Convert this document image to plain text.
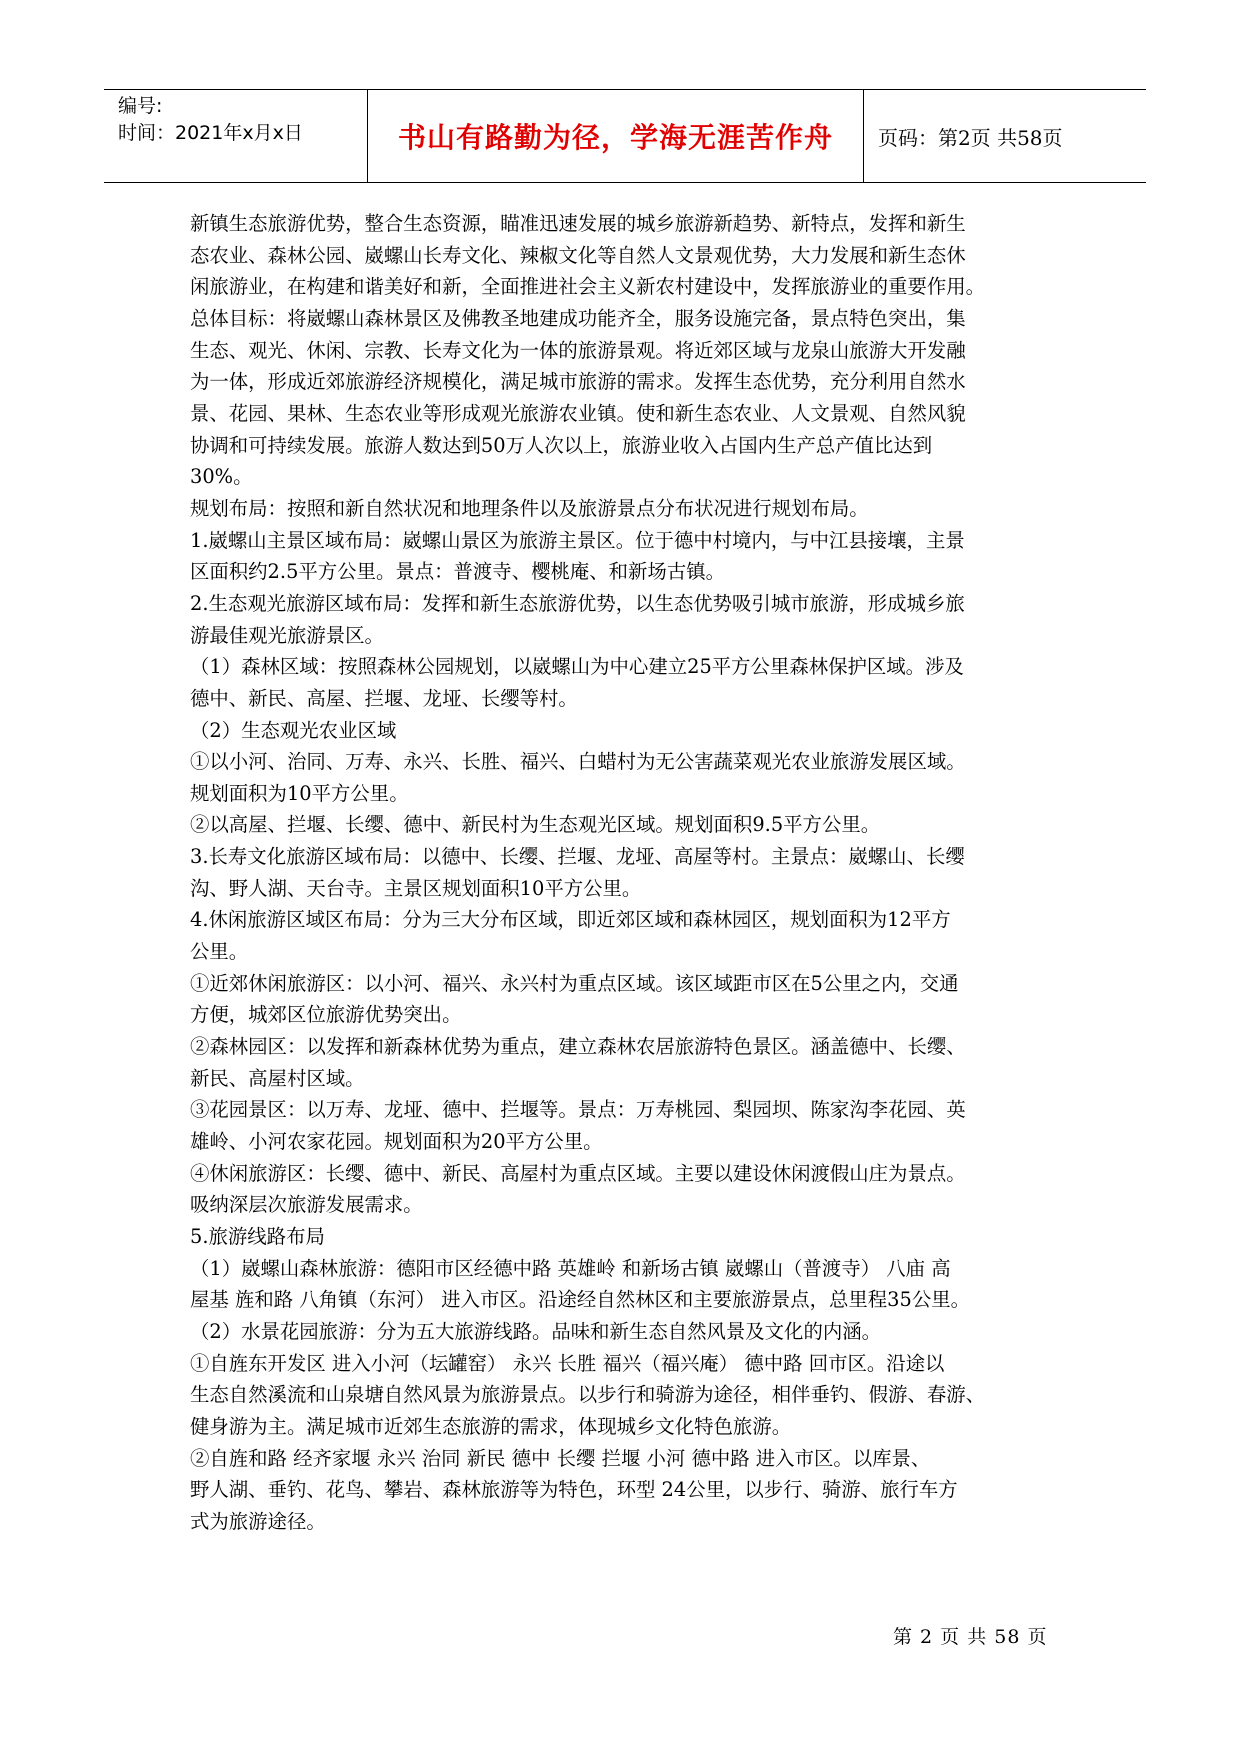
编号:
时间：2021年x月x日	书山有路勤为径，学海无涯苦作舟	页码：第2页 共58页

新镇生态旅游优势，整合生态资源，瞄准迅速发展的城乡旅游新趋势、新特点，发挥和新生

态农业、森林公园、崴螺山长寿文化、辣椒文化等自然人文景观优势，大力发展和新生态休

闲旅游业，在构建和谐美好和新，全面推进社会主义新农村建设中，发挥旅游业的重要作用。

总体目标：将崴螺山森林景区及佛教圣地建成功能齐全，服务设施完备，景点特色突出，集

生态、观光、休闲、宗教、长寿文化为一体的旅游景观。将近郊区域与龙泉山旅游大开发融

为一体，形成近郊旅游经济规模化，满足城市旅游的需求。发挥生态优势，充分利用自然水

景、花园、果林、生态农业等形成观光旅游农业镇。使和新生态农业、人文景观、自然风貌

协调和可持续发展。旅游人数达到50万人次以上，旅游业收入占国内生产总产值比达到

30%。

规划布局：按照和新自然状况和地理条件以及旅游景点分布状况进行规划布局。

1.崴螺山主景区域布局：崴螺山景区为旅游主景区。位于德中村境内，与中江县接壤，主景

区面积约2.5平方公里。景点：普渡寺、樱桃庵、和新场古镇。

2.生态观光旅游区域布局：发挥和新生态旅游优势，以生态优势吸引城市旅游，形成城乡旅

游最佳观光旅游景区。

（1）森林区域：按照森林公园规划，以崴螺山为中心建立25平方公里森林保护区域。涉及

德中、新民、高屋、拦堰、龙垭、长缨等村。

（2）生态观光农业区域

①以小河、治同、万寿、永兴、长胜、福兴、白蜡村为无公害蔬菜观光农业旅游发展区域。

规划面积为10平方公里。

②以高屋、拦堰、长缨、德中、新民村为生态观光区域。规划面积9.5平方公里。

3.长寿文化旅游区域布局：以德中、长缨、拦堰、龙垭、高屋等村。主景点：崴螺山、长缨

沟、野人湖、天台寺。主景区规划面积10平方公里。

4.休闲旅游区域区布局：分为三大分布区域，即近郊区域和森林园区，规划面积为12平方

公里。

①近郊休闲旅游区：以小河、福兴、永兴村为重点区域。该区域距市区在5公里之内，交通

方便，城郊区位旅游优势突出。

②森林园区：以发挥和新森林优势为重点，建立森林农居旅游特色景区。涵盖德中、长缨、

新民、高屋村区域。

③花园景区：以万寿、龙垭、德中、拦堰等。景点：万寿桃园、梨园坝、陈家沟李花园、英

雄岭、小河农家花园。规划面积为20平方公里。

④休闲旅游区：长缨、德中、新民、高屋村为重点区域。主要以建设休闲渡假山庄为景点。

吸纳深层次旅游发展需求。

5.旅游线路布局

（1）崴螺山森林旅游：德阳市区经德中路 英雄岭 和新场古镇 崴螺山（普渡寺） 八庙 高

屋基 旌和路 八角镇（东河） 进入市区。沿途经自然林区和主要旅游景点，总里程35公里。

（2）水景花园旅游：分为五大旅游线路。品味和新生态自然风景及文化的内涵。

①自旌东开发区 进入小河（坛罐窑） 永兴 长胜 福兴（福兴庵） 德中路 回市区。沿途以

生态自然溪流和山泉塘自然风景为旅游景点。以步行和骑游为途径，相伴垂钓、假游、春游、

健身游为主。满足城市近郊生态旅游的需求，体现城乡文化特色旅游。

②自旌和路 经齐家堰 永兴 治同 新民 德中 长缨 拦堰 小河 德中路 进入市区。以库景、

野人湖、垂钓、花鸟、攀岩、森林旅游等为特色，环型 24公里，以步行、骑游、旅行车方

式为旅游途径。

第 2 页 共 58 页
